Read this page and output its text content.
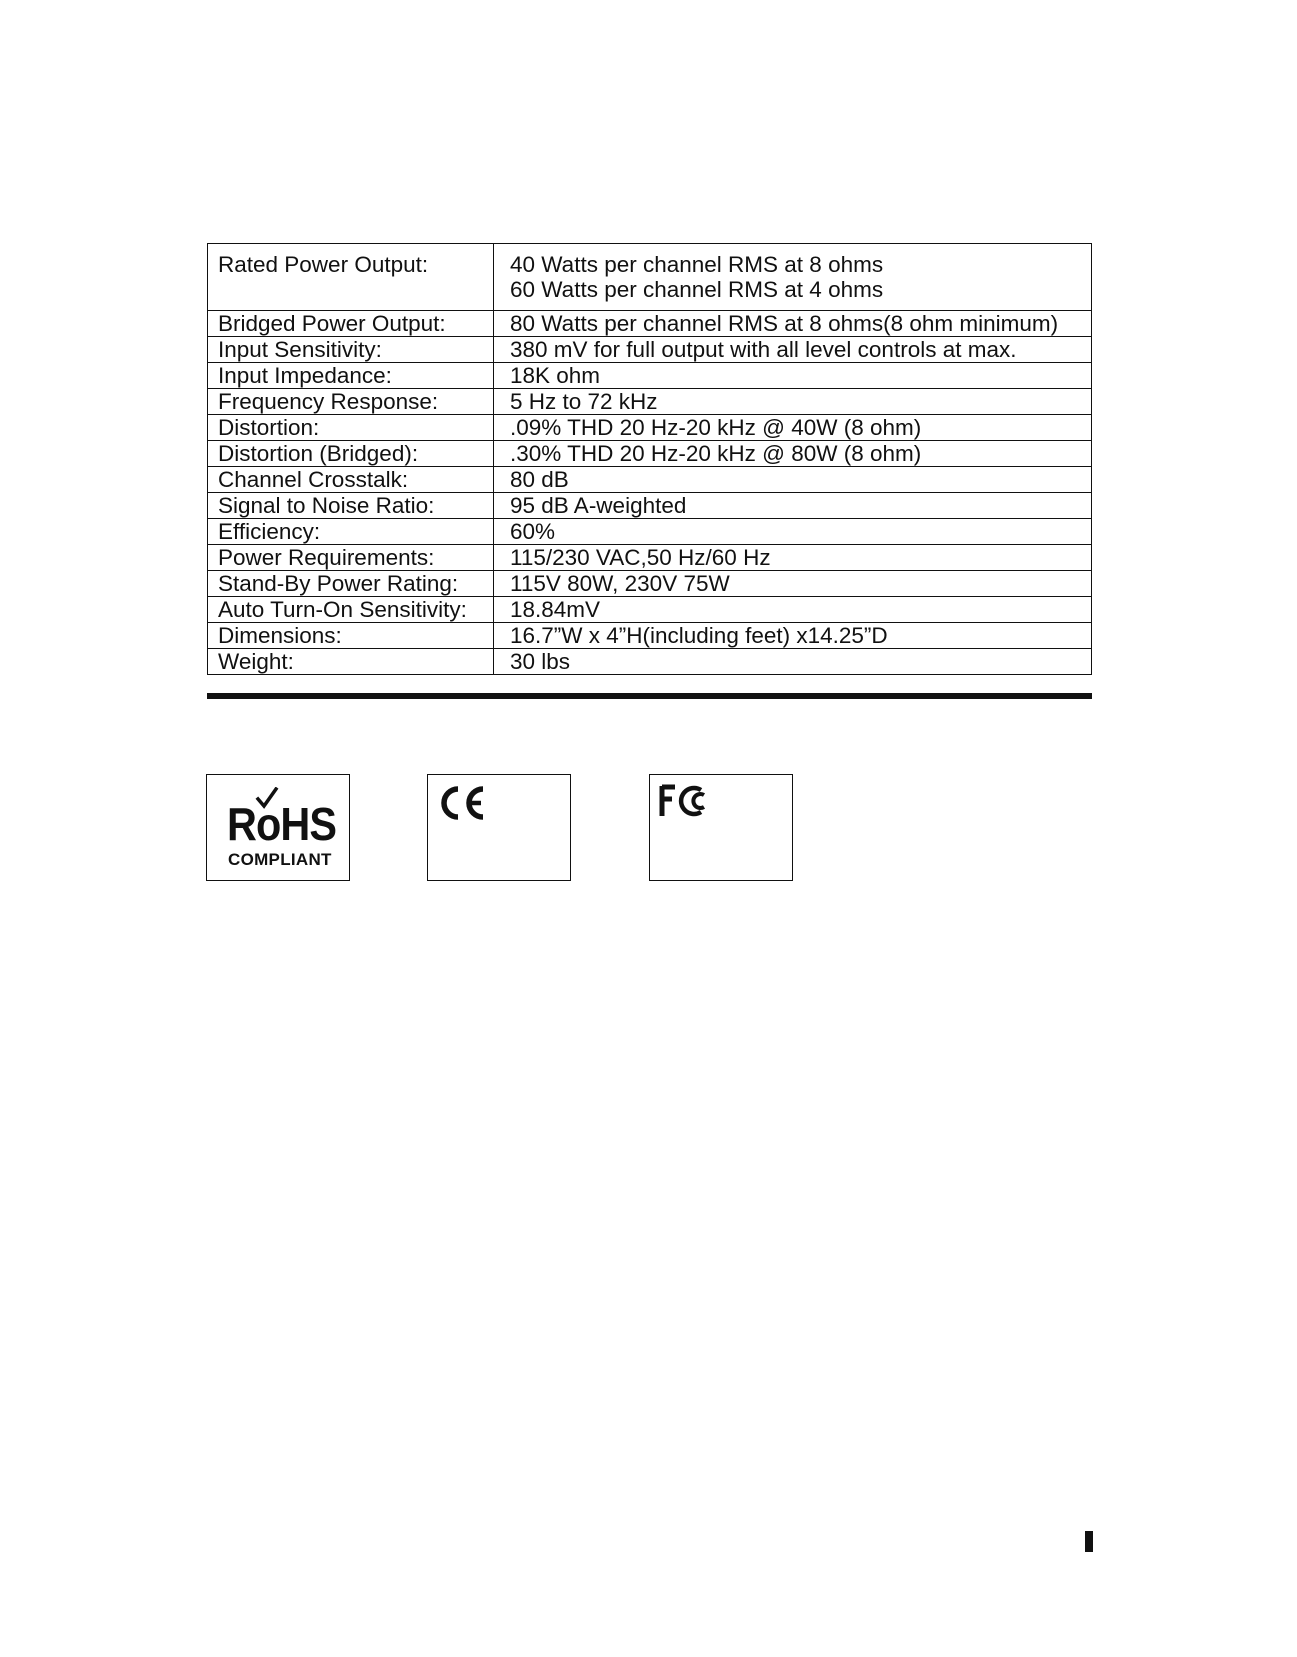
Rated Power Output:	40 Watts per channel RMS at 8 ohms
60 Watts per channel RMS at 4 ohms

Bridged Power Output:	80 Watts per channel RMS at 8 ohms(8 ohm minimum)

Input Sensitivity:	380 mV for full output with all level controls at max.

Input Impedance:	18K ohm

Frequency Response:	5 Hz to 72 kHz

Distortion:	.09% THD 20 Hz-20 kHz @ 40W (8 ohm)

Distortion (Bridged):	.30% THD 20 Hz-20 kHz @ 80W (8 ohm)

Channel Crosstalk:	80 dB

Signal to Noise Ratio:	95 dB A-weighted

Efficiency:	60%

Power Requirements:	115/230 VAC,50 Hz/60 Hz

Stand-By Power Rating:	115V 80W, 230V 75W

Auto Turn-On Sensitivity:	18.84mV

Dimensions:	16.7”W x 4”H(including feet) x14.25”D

Weight:	30 lbs
RoHS
COMPLIANT
